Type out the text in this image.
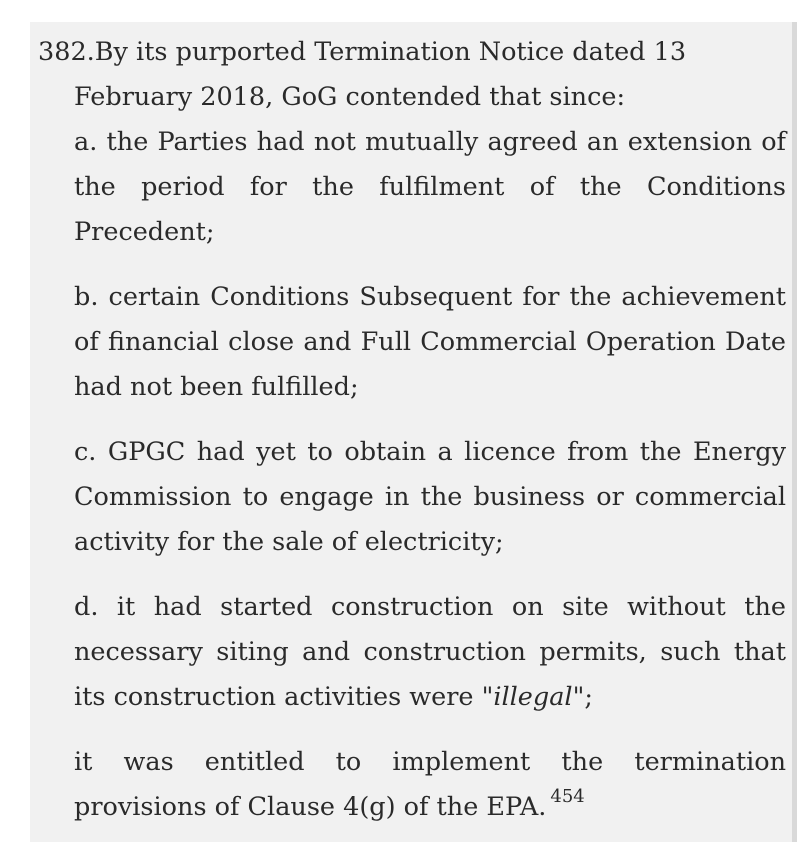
382.By its purported Termination Notice dated 13

February 2018, GoG contended that since:

a. the Parties had not mutually agreed an extension of the period for the fulfilment of the Conditions Precedent;

b. certain Conditions Subsequent for the achievement of financial close and Full Commercial Operation Date had not been fulfilled;

c. GPGC had yet to obtain a licence from the Energy Commission to engage in the business or commercial activity for the sale of electricity;

d. it had started construction on site without the necessary siting and construction permits, such that its construction activities were "illegal";

it was entitled to implement the termination provisions of Clause 4(g) of the EPA. $^{454}$
